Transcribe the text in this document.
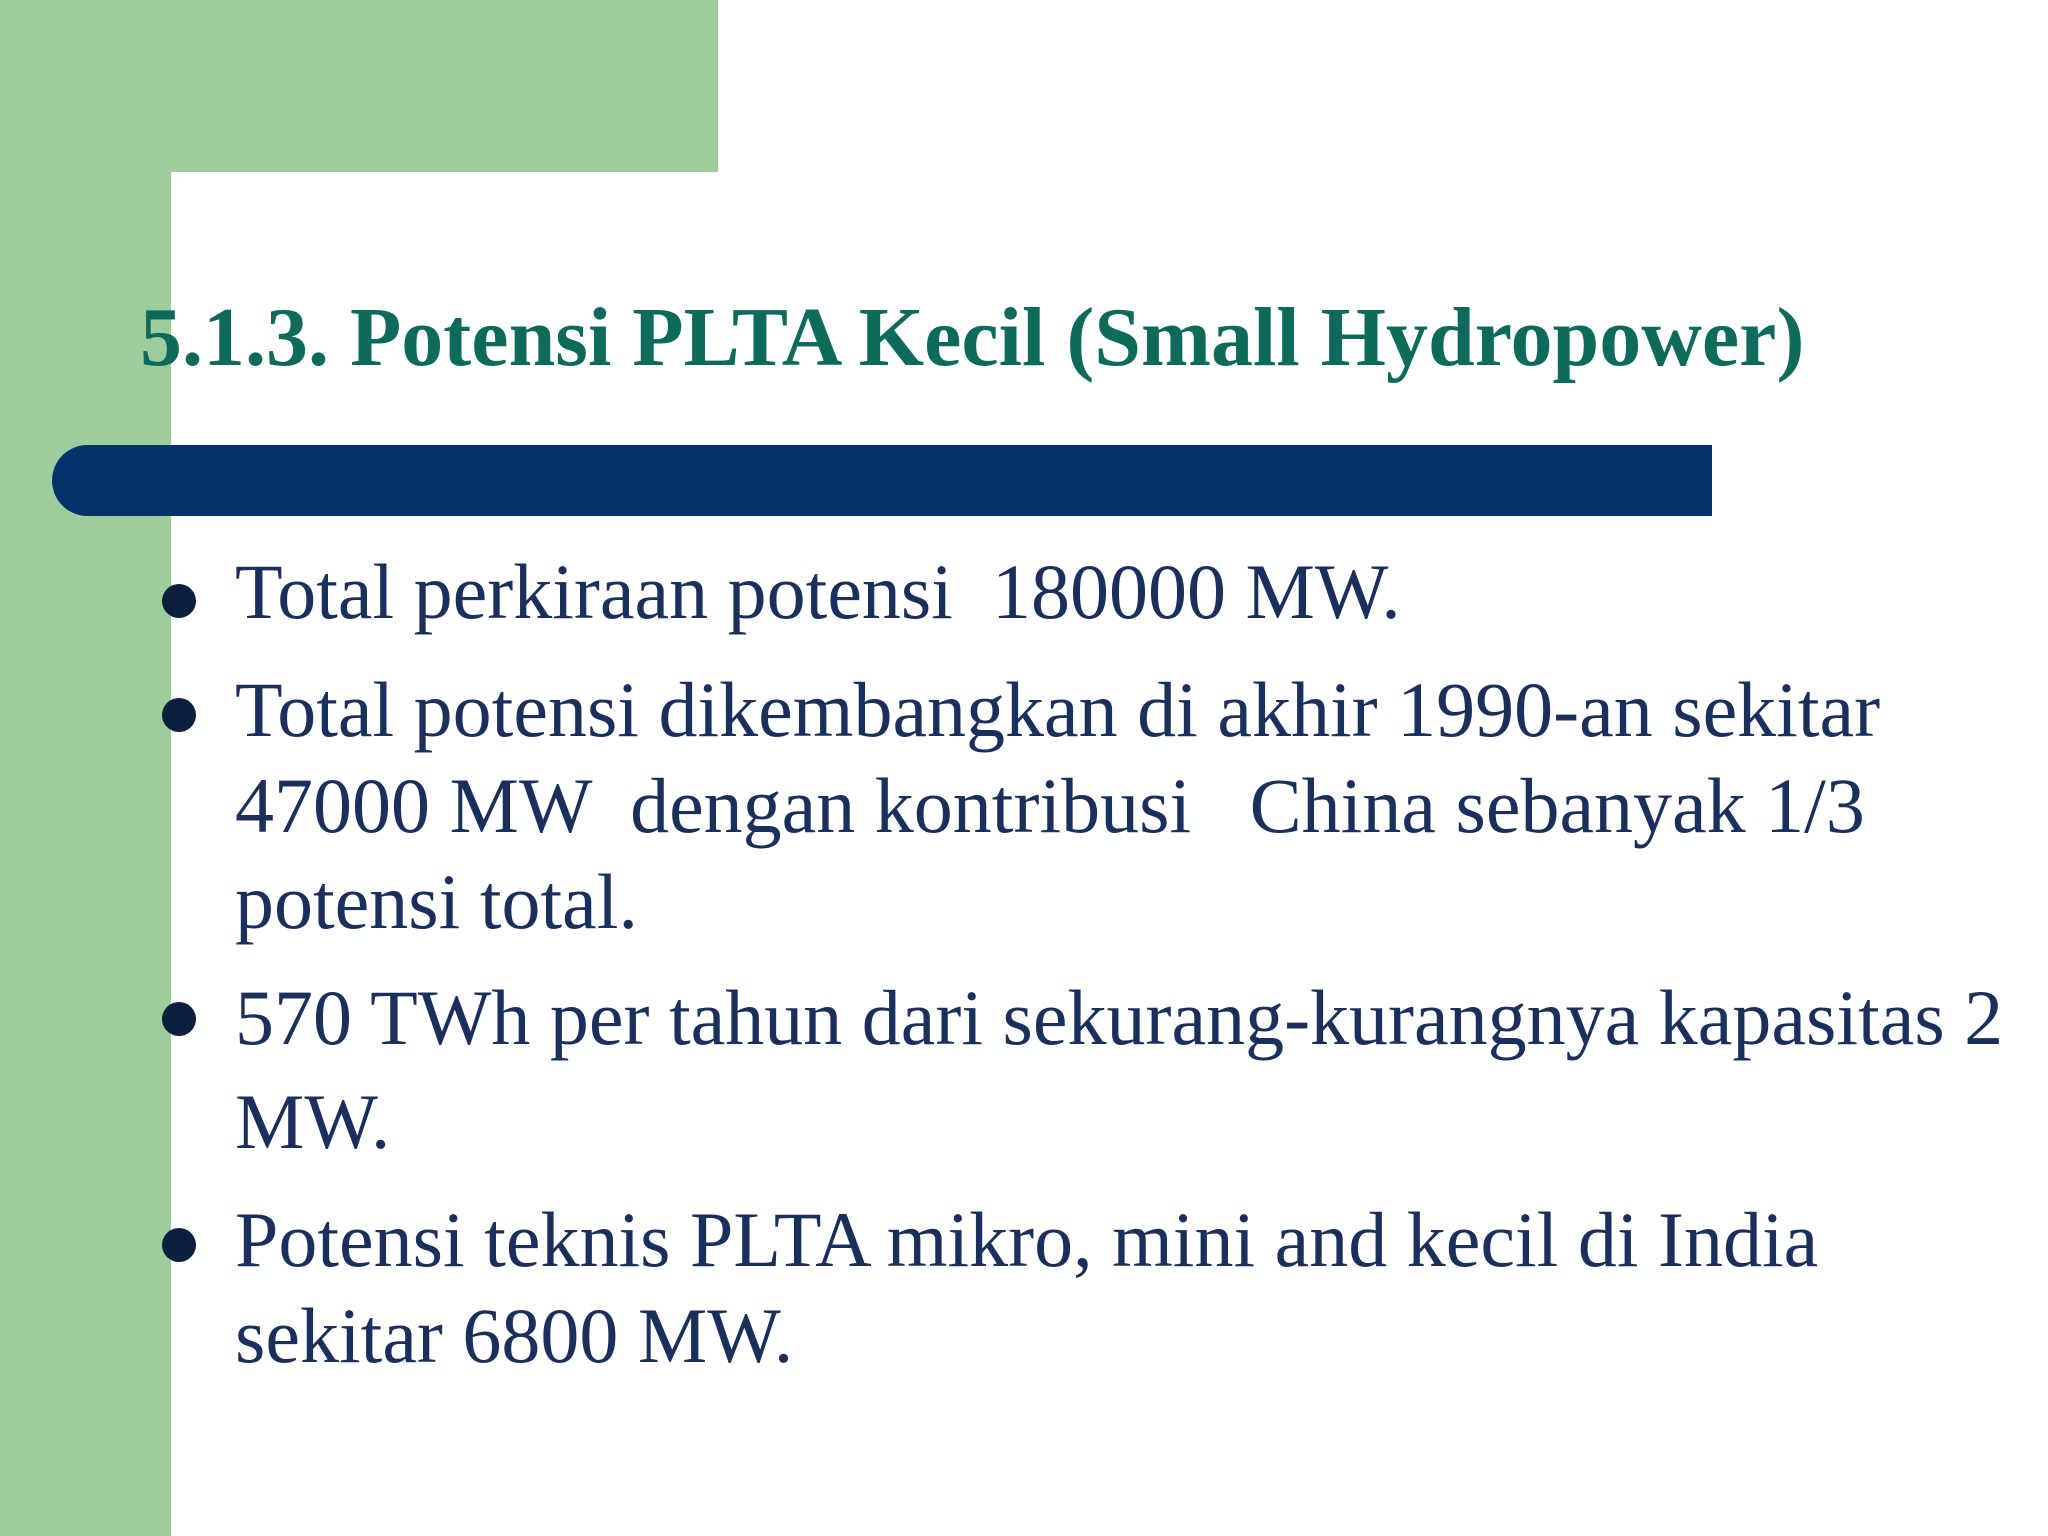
5.1.3. Potensi PLTA Kecil (Small Hydropower)
Total perkiraan potensi  180000 MW.
Total potensi dikembangkan di akhir 1990-an sekitar 47000 MW  dengan kontribusi   China sebanyak 1/3 potensi total.
570 TWh per tahun dari sekurang-kurangnya kapasitas 2 MW.
Potensi teknis PLTA mikro, mini and kecil di India sekitar 6800 MW.
